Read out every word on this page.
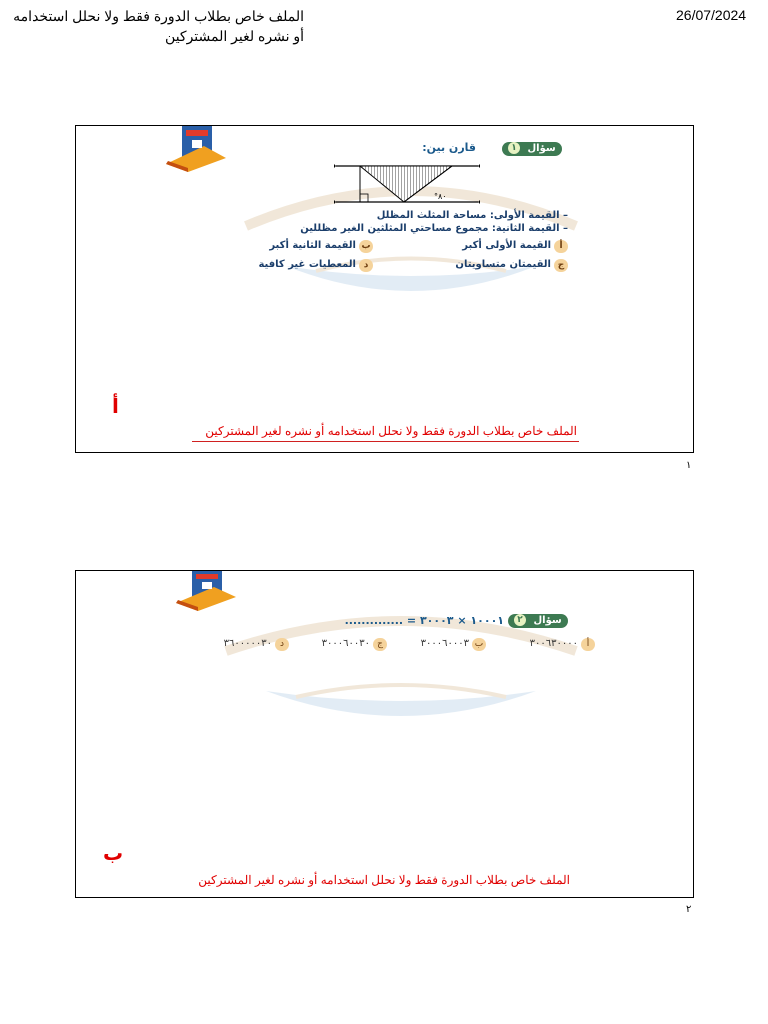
26/07/2024
الملف خاص بطلاب الدورة فقط ولا نحلل استخدامه أو نشره لغير المشتركين
سؤال ١
قارن بين:
٨٠°
– القيمة الأولى: مساحة المثلث المظلل
– القيمة الثانية: مجموع مساحتي المثلثين الغير مظللين
أالقيمة الأولى أكبر
بالقيمة الثانية أكبر
جالقيمتان متساويتان
دالمعطيات غير كافية
أ
الملف خاص بطلاب الدورة فقط ولا نحلل استخدامه أو نشره لغير المشتركين
١
سؤال ٢
١٠٠٠١ × ٣٠٠٠٣ = ..............
أ٣٠٠٦٣٠٠٠٠
ب٣٠٠٠٦٠٠٠٣
ج٣٠٠٠٦٠٠٣٠
د٣٦٠٠٠٠٠٣٠
ب
الملف خاص بطلاب الدورة فقط ولا نحلل استخدامه أو نشره لغير المشتركين
٢
